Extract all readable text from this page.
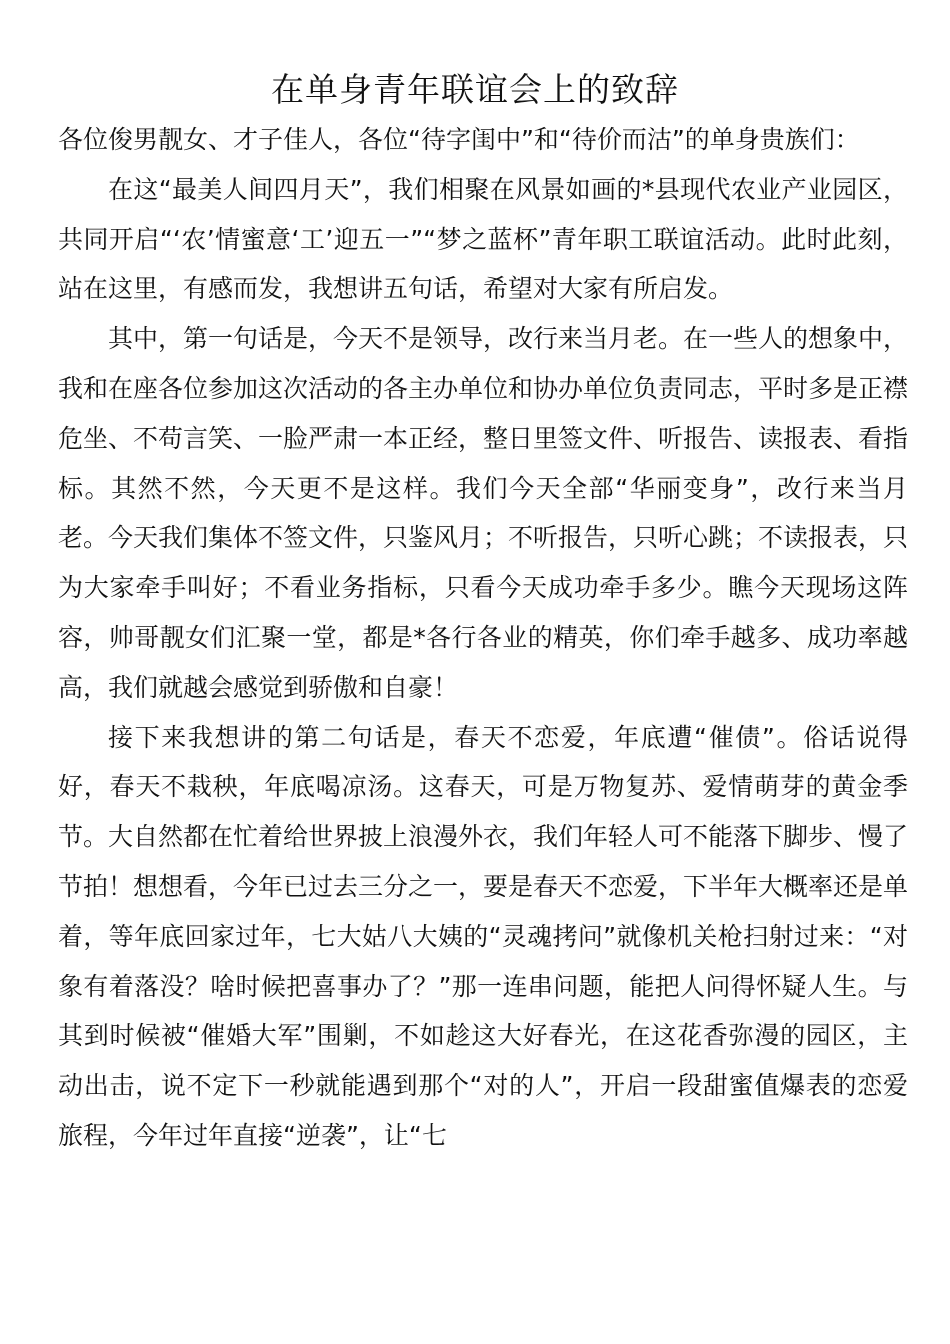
在单身青年联谊会上的致辞

各位俊男靓女、才子佳人，各位“待字闺中”和“待价而沽”的单身贵族们：

在这“最美人间四月天”，我们相聚在风景如画的*县现代农业产业园区，共同开启“‘农’情蜜意‘工’迎五一”“梦之蓝杯”青年职工联谊活动。此时此刻，站在这里，有感而发，我想讲五句话，希望对大家有所启发。

其中，第一句话是，今天不是领导，改行来当月老。在一些人的想象中，我和在座各位参加这次活动的各主办单位和协办单位负责同志，平时多是正襟危坐、不苟言笑、一脸严肃一本正经，整日里签文件、听报告、读报表、看指标。其然不然，今天更不是这样。我们今天全部“华丽变身”，改行来当月老。今天我们集体不签文件，只鉴风月；不听报告，只听心跳；不读报表，只为大家牵手叫好；不看业务指标，只看今天成功牵手多少。瞧今天现场这阵容，帅哥靓女们汇聚一堂，都是*各行各业的精英，你们牵手越多、成功率越高，我们就越会感觉到骄傲和自豪！

接下来我想讲的第二句话是，春天不恋爱，年底遭“催债”。俗话说得好，春天不栽秧，年底喝凉汤。这春天，可是万物复苏、爱情萌芽的黄金季节。大自然都在忙着给世界披上浪漫外衣，我们年轻人可不能落下脚步、慢了节拍！想想看，今年已过去三分之一，要是春天不恋爱，下半年大概率还是单着，等年底回家过年，七大姑八大姨的“灵魂拷问”就像机关枪扫射过来：“对象有着落没？啥时候把喜事办了？”那一连串问题，能把人问得怀疑人生。与其到时候被“催婚大军”围剿，不如趁这大好春光，在这花香弥漫的园区，主动出击，说不定下一秒就能遇到那个“对的人”，开启一段甜蜜值爆表的恋爱旅程，今年过年直接“逆袭”，让“七
